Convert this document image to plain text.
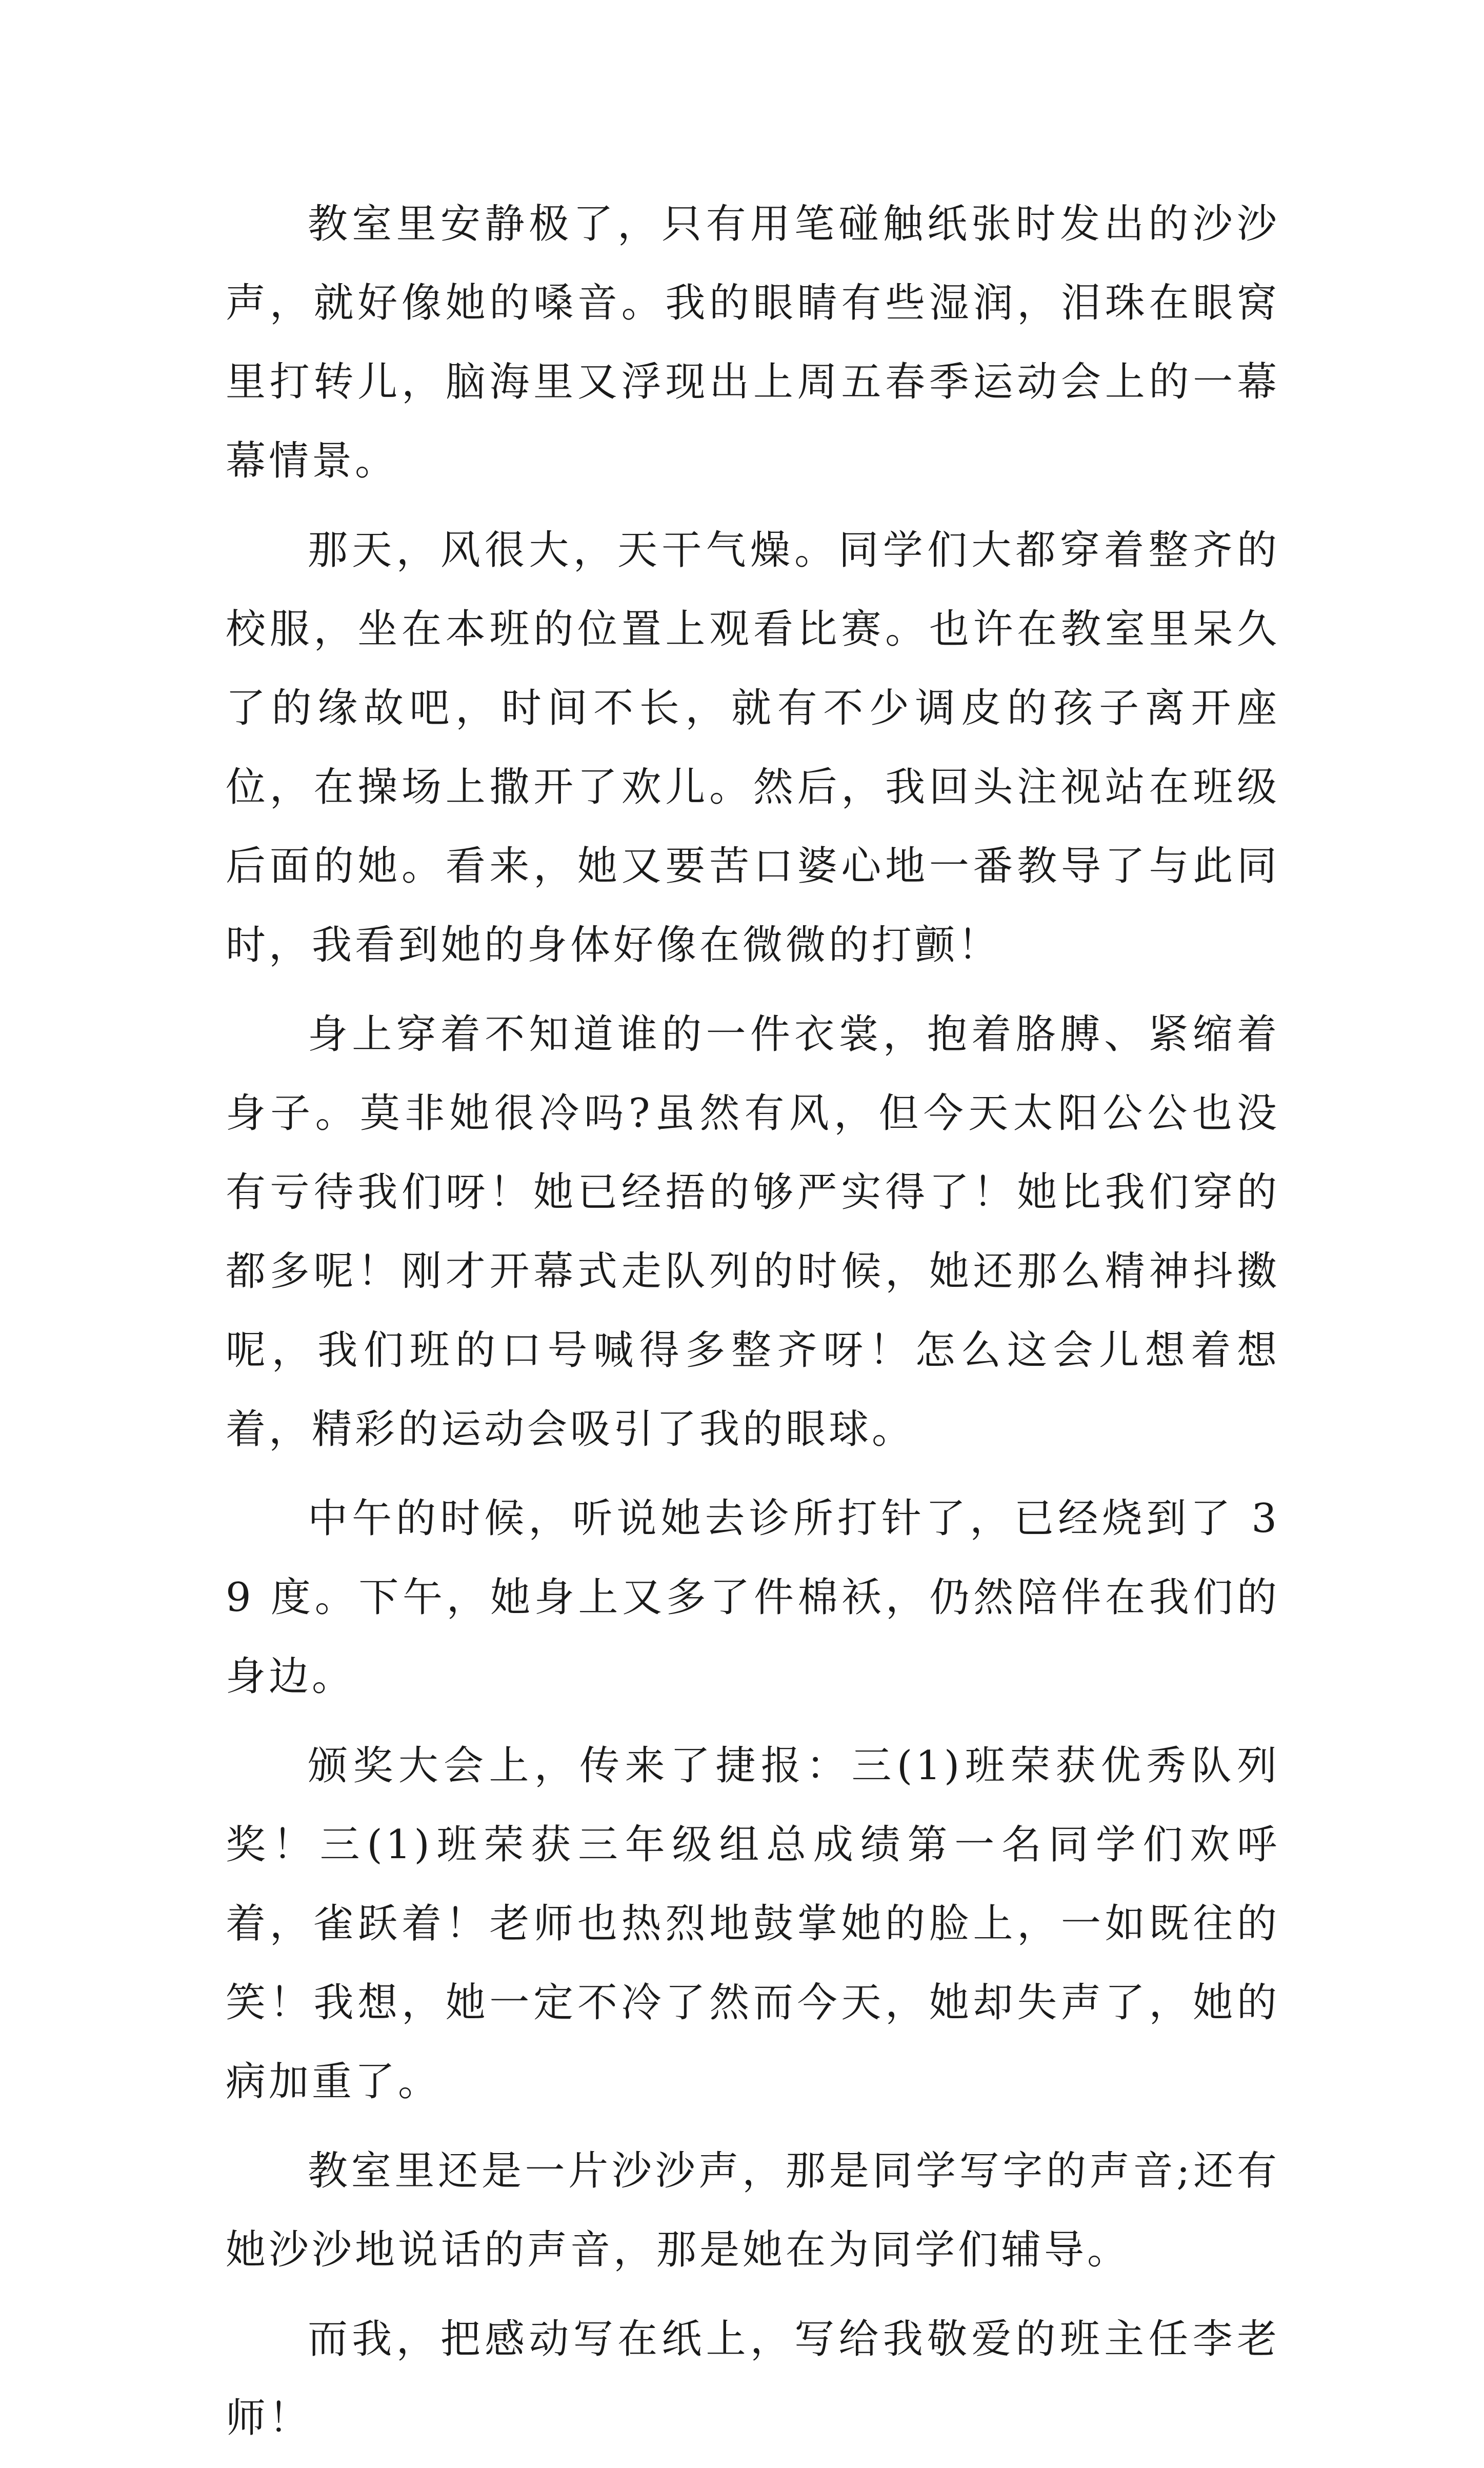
教室里安静极了，只有用笔碰触纸张时发出的沙沙声，就好像她的嗓音。我的眼睛有些湿润，泪珠在眼窝里打转儿，脑海里又浮现出上周五春季运动会上的一幕幕情景。

那天，风很大，天干气燥。同学们大都穿着整齐的校服，坐在本班的位置上观看比赛。也许在教室里呆久了的缘故吧，时间不长，就有不少调皮的孩子离开座位，在操场上撒开了欢儿。然后，我回头注视站在班级后面的她。看来，她又要苦口婆心地一番教导了与此同时，我看到她的身体好像在微微的打颤！

身上穿着不知道谁的一件衣裳，抱着胳膊、紧缩着身子。莫非她很冷吗?虽然有风，但今天太阳公公也没有亏待我们呀！她已经捂的够严实得了！她比我们穿的都多呢！刚才开幕式走队列的时候，她还那么精神抖擞呢，我们班的口号喊得多整齐呀！怎么这会儿想着想着，精彩的运动会吸引了我的眼球。

中午的时候，听说她去诊所打针了，已经烧到了 39 度。下午，她身上又多了件棉袄，仍然陪伴在我们的身边。

颁奖大会上，传来了捷报：三(1)班荣获优秀队列奖！三(1)班荣获三年级组总成绩第一名同学们欢呼着，雀跃着！老师也热烈地鼓掌她的脸上，一如既往的笑！我想，她一定不冷了然而今天，她却失声了，她的病加重了。

教室里还是一片沙沙声，那是同学写字的声音;还有她沙沙地说话的声音，那是她在为同学们辅导。

而我，把感动写在纸上，写给我敬爱的班主任李老师！
